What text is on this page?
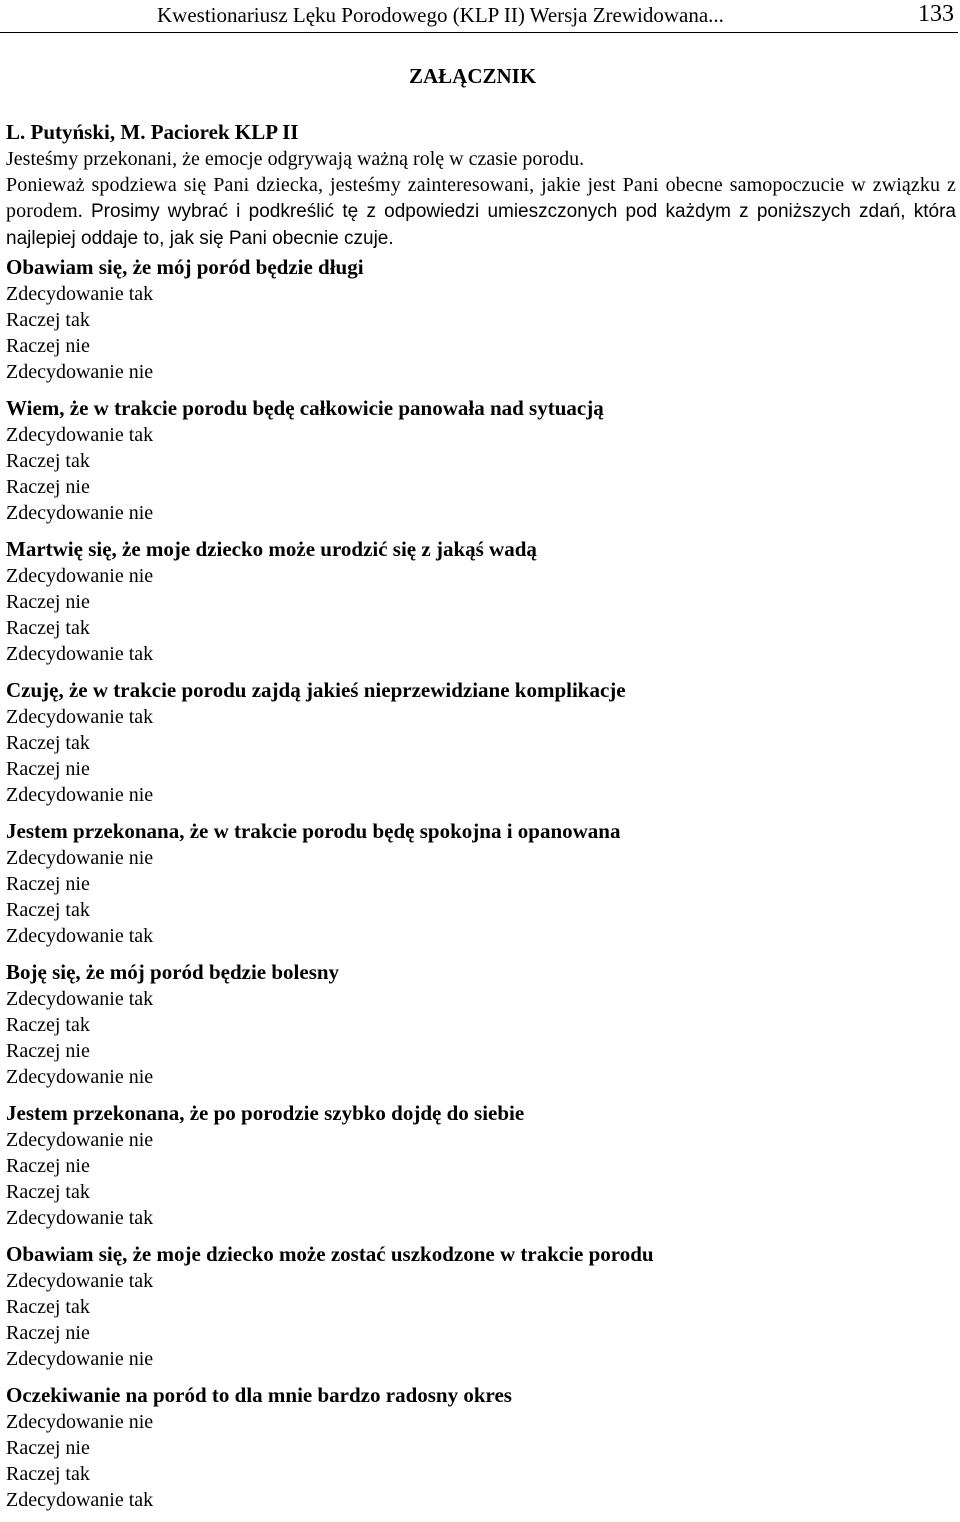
Kwestionariusz Lęku Porodowego (KLP II) Wersja Zrewidowana...	133
ZAŁĄCZNIK
L. Putyński, M. Paciorek KLP II
Jesteśmy przekonani, że emocje odgrywają ważną rolę w czasie porodu.
Ponieważ spodziewa się Pani dziecka, jesteśmy zainteresowani, jakie jest Pani obecne samopoczucie w związku z porodem. Prosimy wybrać i podkreślić tę z odpowiedzi umieszczonych pod każdym z poniższych zdań, która najlepiej oddaje to, jak się Pani obecnie czuje.
Obawiam się, że mój poród będzie długi
Zdecydowanie tak
Raczej tak
Raczej nie
Zdecydowanie nie
Wiem, że w trakcie porodu będę całkowicie panowała nad sytuacją
Zdecydowanie tak
Raczej tak
Raczej nie
Zdecydowanie nie
Martwię się, że moje dziecko może urodzić się z jakąś wadą
Zdecydowanie nie
Raczej nie
Raczej tak
Zdecydowanie tak
Czuję, że w trakcie porodu zajdą jakieś nieprzewidziane komplikacje
Zdecydowanie tak
Raczej tak
Raczej nie
Zdecydowanie nie
Jestem przekonana, że w trakcie porodu będę spokojna i opanowana
Zdecydowanie nie
Raczej nie
Raczej tak
Zdecydowanie tak
Boję się, że mój poród będzie bolesny
Zdecydowanie tak
Raczej tak
Raczej nie
Zdecydowanie nie
Jestem przekonana, że po porodzie szybko dojdę do siebie
Zdecydowanie nie
Raczej nie
Raczej tak
Zdecydowanie tak
Obawiam się, że moje dziecko może zostać uszkodzone w trakcie porodu
Zdecydowanie tak
Raczej tak
Raczej nie
Zdecydowanie nie
Oczekiwanie na poród to dla mnie bardzo radosny okres
Zdecydowanie nie
Raczej nie
Raczej tak
Zdecydowanie tak
